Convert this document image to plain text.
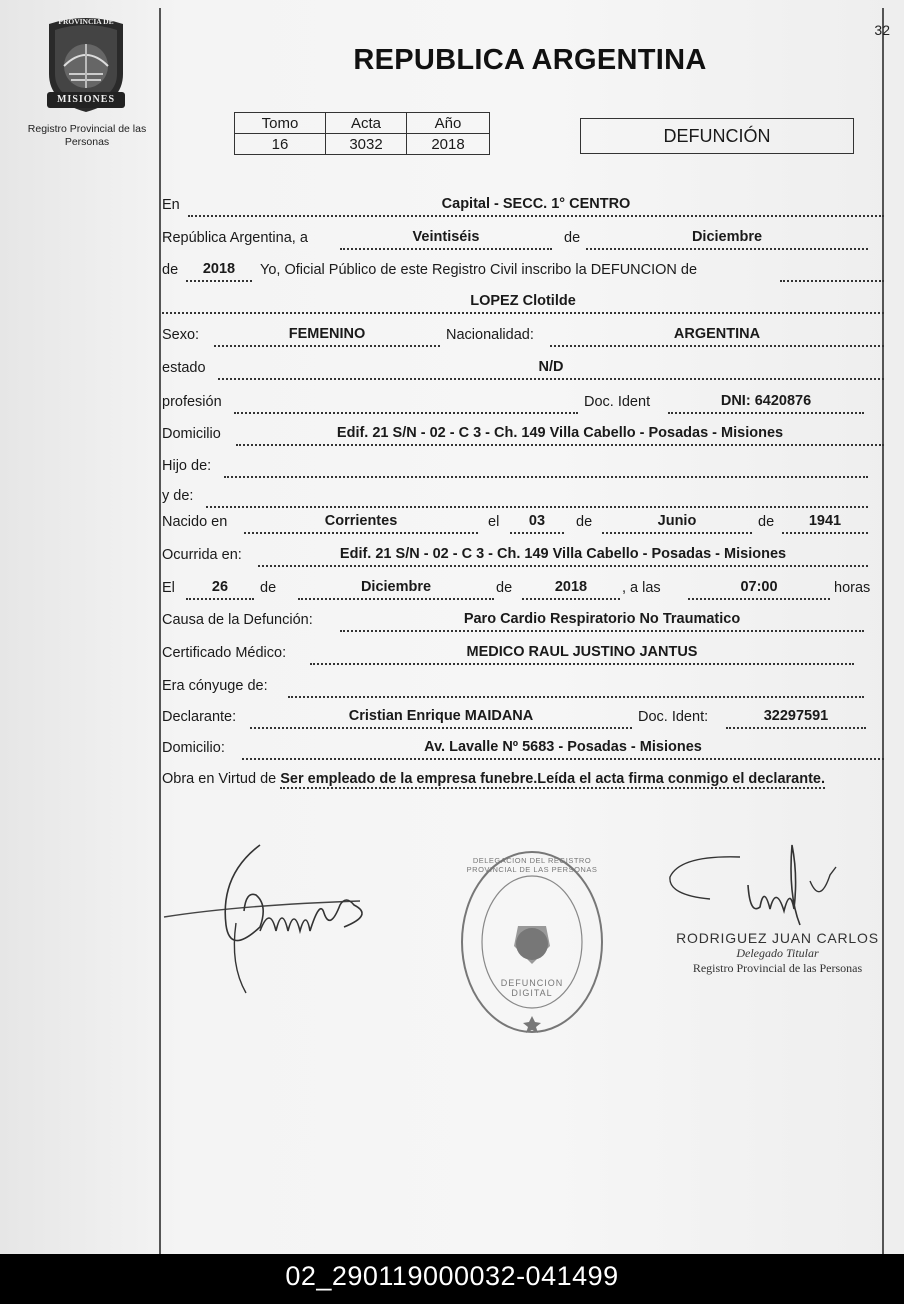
PROVINCIA DE
MISIONES
Registro Provincial de las Personas
32
REPUBLICA ARGENTINA
Tomo	Acta	Año
16	3032	2018	DEFUNCIÓN
En	Capital - SECC. 1° CENTRO
República Argentina, a	Veintiséis	de	Diciembre
de	2018	Yo, Oficial Público de este Registro Civil inscribo la DEFUNCION de
LOPEZ Clotilde
Sexo:	FEMENINO	Nacionalidad:	ARGENTINA
estado	N/D
profesión	Doc. Ident	DNI: 6420876
Domicilio	Edif. 21 S/N - 02 - C 3 - Ch. 149 Villa Cabello - Posadas - Misiones
Hijo de:
y de:
Nacido en	Corrientes	el	03	de	Junio	de	1941
Ocurrida en:	Edif. 21 S/N - 02 - C 3 - Ch. 149 Villa Cabello - Posadas - Misiones
El	26	de	Diciembre	de	2018	, a las	07:00	horas
Causa de la Defunción:	Paro Cardio Respiratorio No Traumatico
Certificado Médico:	MEDICO RAUL JUSTINO JANTUS
Era cónyuge de:
Declarante:	Cristian Enrique MAIDANA	Doc. Ident:	32297591
Domicilio:	Av. Lavalle Nº 5683 - Posadas - Misiones
Obra en Virtud de Ser empleado de la empresa funebre.Leída el acta firma conmigo el declarante.
DEFUNCION DIGITAL
DELEGACION DEL REGISTRO PROVINCIAL DE LAS PERSONAS
RODRIGUEZ JUAN CARLOS
Delegado Titular
Registro Provincial de las Personas
02_290119000032-041499
